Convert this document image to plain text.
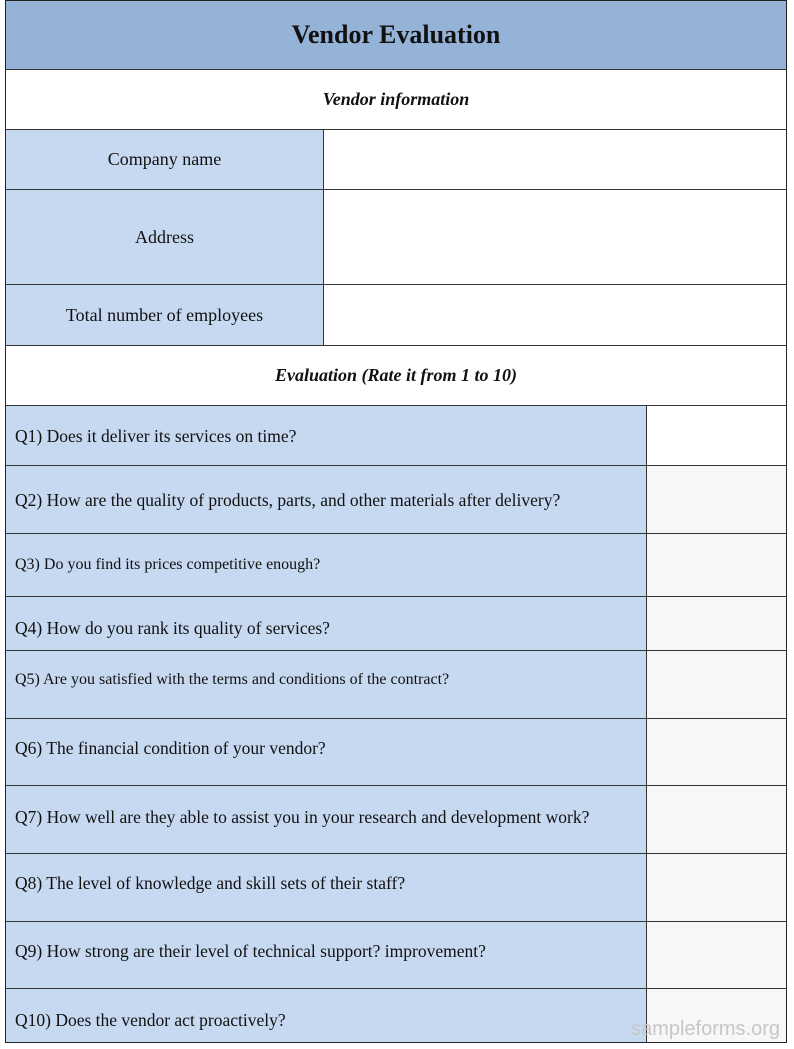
Vendor Evaluation
Vendor information
Company name
Address
Total number of employees
Evaluation (Rate it from 1 to 10)
Q1) Does it deliver its services on time?
Q2) How are the quality of products, parts, and other materials after delivery?
Q3) Do you find its prices competitive enough?
Q4) How do you rank its quality of services?
Q5) Are you satisfied with the terms and conditions of the contract?
Q6) The financial condition of your vendor?
Q7) How well are they able to assist you in your research and development work?
Q8) The level of knowledge and skill sets of their staff?
Q9) How strong are their level of technical support? improvement?
Q10) Does the vendor act proactively?	sampleforms.org
